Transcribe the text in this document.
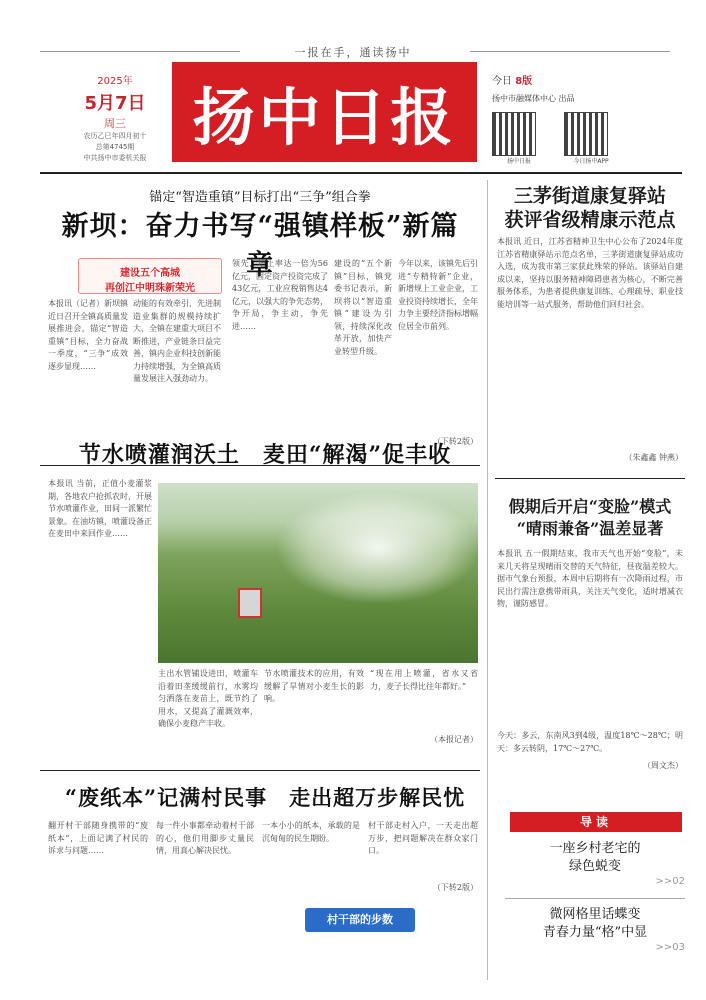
一报在手，通读扬中
2025年
5月7日
周三
农历乙巳年四月初十
总第4745期
中共扬中市委机关报
扬中日报	今日 8版
扬中市融媒体中心 出品
扬中日报	今日扬中APP
锚定“智造重镇”目标打出“三争”组合拳
新坝：奋力书写“强镇样板”新篇章
建设五个高城
再创江中明珠新荣光
本报讯（记者）新坝镇近日召开全镇高质量发展推进会，锚定“智造重镇”目标，全力奋战一季度，“三争”成效逐步显现……
动能的有效牵引，先进制造业集群的规模持续扩大，全镇在建重大项目不断推进，产业链条日益完善，镇内企业科技创新能力持续增强，为全镇高质量发展注入强劲动力。
领先，增上率达一倍为56亿元，固定资产投资完成了43亿元，工业应税销售达4亿元，以强大的争先态势，争开局，争主动，争先进……
建设的“五个新镇”目标，镇党委书记表示，新坝将以“智造重镇”建设为引领，持续深化改革开放，加快产业转型升级。
今年以来，该镇先后引进“专精特新”企业，新增规上工业企业，工业投资持续增长，全年力争主要经济指标增幅位居全市前列。
（下转2版）
三茅街道康复驿站
获评省级精康示范点
本报讯 近日，江苏省精神卫生中心公布了2024年度江苏省精康驿站示范点名单，三茅街道康复驿站成功入选，成为我市第三家获此殊荣的驿站。该驿站自建成以来，坚持以服务精神障碍患者为核心，不断完善服务体系，为患者提供康复训练、心理疏导、职业技能培训等一站式服务，帮助他们回归社会。
（朱鑫鑫 钟燕）
节水喷灌润沃土　麦田“解渴”促丰收
本报讯 当前，正值小麦灌浆期，各地农户抢抓农时，开展节水喷灌作业，田间一派繁忙景象。在油坊镇，喷灌设备正在麦田中来回作业……
主出水管铺设进田，喷灌车沿着田垄缓缓前行，水雾均匀洒落在麦苗上，既节约了用水，又提高了灌溉效率，确保小麦稳产丰收。
节水喷灌技术的应用，有效缓解了旱情对小麦生长的影响。
“现在用上喷灌，省水又省力，麦子长得比往年都好。”
（本报记者）
假期后开启“变脸”模式
“晴雨兼备”温差显著
本报讯 五一假期结束，我市天气也开始“变脸”，未来几天将呈现晴雨交替的天气特征，昼夜温差较大。据市气象台预报，本周中后期将有一次降雨过程，市民出行需注意携带雨具，关注天气变化，适时增减衣物，谨防感冒。
今天：多云，东南风3到4级，温度18℃～28℃；明天：多云转阴，17℃～27℃。
（周文杰）
“废纸本”记满村民事　走出超万步解民忧
翻开村干部随身携带的“废纸本”，上面记满了村民的诉求与问题……
每一件小事都牵动着村干部的心，他们用脚步丈量民情，用真心解决民忧。
一本小小的纸本，承载的是沉甸甸的民生期盼。
村干部走村入户，一天走出超万步，把问题解决在群众家门口。
（下转2版）
村干部的步数
导读
一座乡村老宅的
绿色蜕变
>>02
微网格里话蝶变
青春力量“格”中显
>>03
